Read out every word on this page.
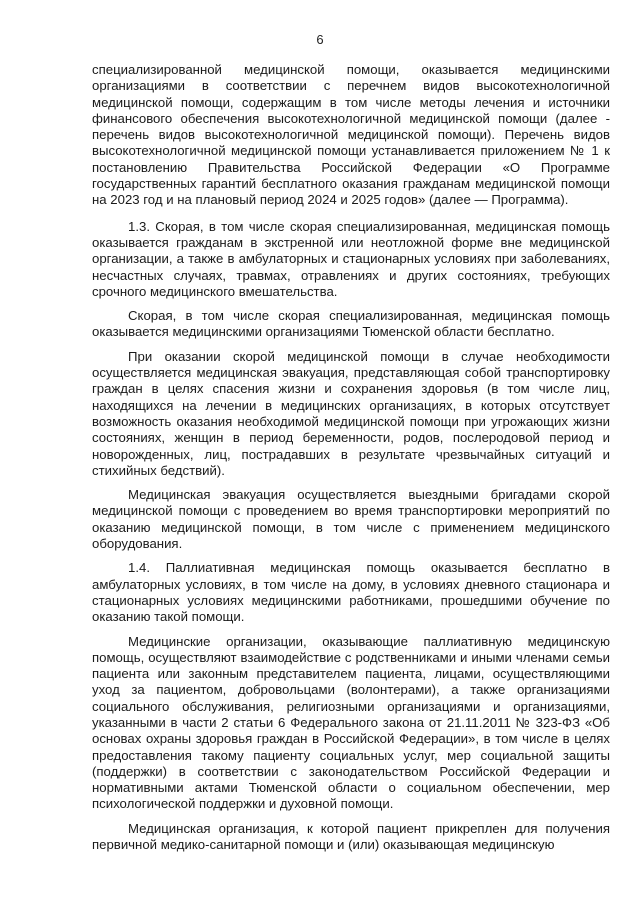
6

специализированной медицинской помощи, оказывается медицинскими организациями в соответствии с перечнем видов высокотехнологичной медицинской помощи, содержащим в том числе методы лечения и источники финансового обеспечения высокотехнологичной медицинской помощи (далее - перечень видов высокотехнологичной медицинской помощи). Перечень видов высокотехнологичной медицинской помощи устанавливается приложением № 1 к постановлению Правительства Российской Федерации «О Программе государственных гарантий бесплатного оказания гражданам медицинской помощи на 2023 год и на плановый период 2024 и 2025 годов» (далее — Программа).

1.3. Скорая, в том числе скорая специализированная, медицинская помощь оказывается гражданам в экстренной или неотложной форме вне медицинской организации, а также в амбулаторных и стационарных условиях при заболеваниях, несчастных случаях, травмах, отравлениях и других состояниях, требующих срочного медицинского вмешательства.

Скорая, в том числе скорая специализированная, медицинская помощь оказывается медицинскими организациями Тюменской области бесплатно.

При оказании скорой медицинской помощи в случае необходимости осуществляется медицинская эвакуация, представляющая собой транспортировку граждан в целях спасения жизни и сохранения здоровья (в том числе лиц, находящихся на лечении в медицинских организациях, в которых отсутствует возможность оказания необходимой медицинской помощи при угрожающих жизни состояниях, женщин в период беременности, родов, послеродовой период и новорожденных, лиц, пострадавших в результате чрезвычайных ситуаций и стихийных бедствий).

Медицинская эвакуация осуществляется выездными бригадами скорой медицинской помощи с проведением во время транспортировки мероприятий по оказанию медицинской помощи, в том числе с применением медицинского оборудования.

1.4. Паллиативная медицинская помощь оказывается бесплатно в амбулаторных условиях, в том числе на дому, в условиях дневного стационара и стационарных условиях медицинскими работниками, прошедшими обучение по оказанию такой помощи.

Медицинские организации, оказывающие паллиативную медицинскую помощь, осуществляют взаимодействие с родственниками и иными членами семьи пациента или законным представителем пациента, лицами, осуществляющими уход за пациентом, добровольцами (волонтерами), а также организациями социального обслуживания, религиозными организациями и организациями, указанными в части 2 статьи 6 Федерального закона от 21.11.2011 № 323-ФЗ «Об основах охраны здоровья граждан в Российской Федерации», в том числе в целях предоставления такому пациенту социальных услуг, мер социальной защиты (поддержки) в соответствии с законодательством Российской Федерации и нормативными актами Тюменской области о социальном обеспечении, мер психологической поддержки и духовной помощи.

Медицинская организация, к которой пациент прикреплен для получения первичной медико-санитарной помощи и (или) оказывающая медицинскую
